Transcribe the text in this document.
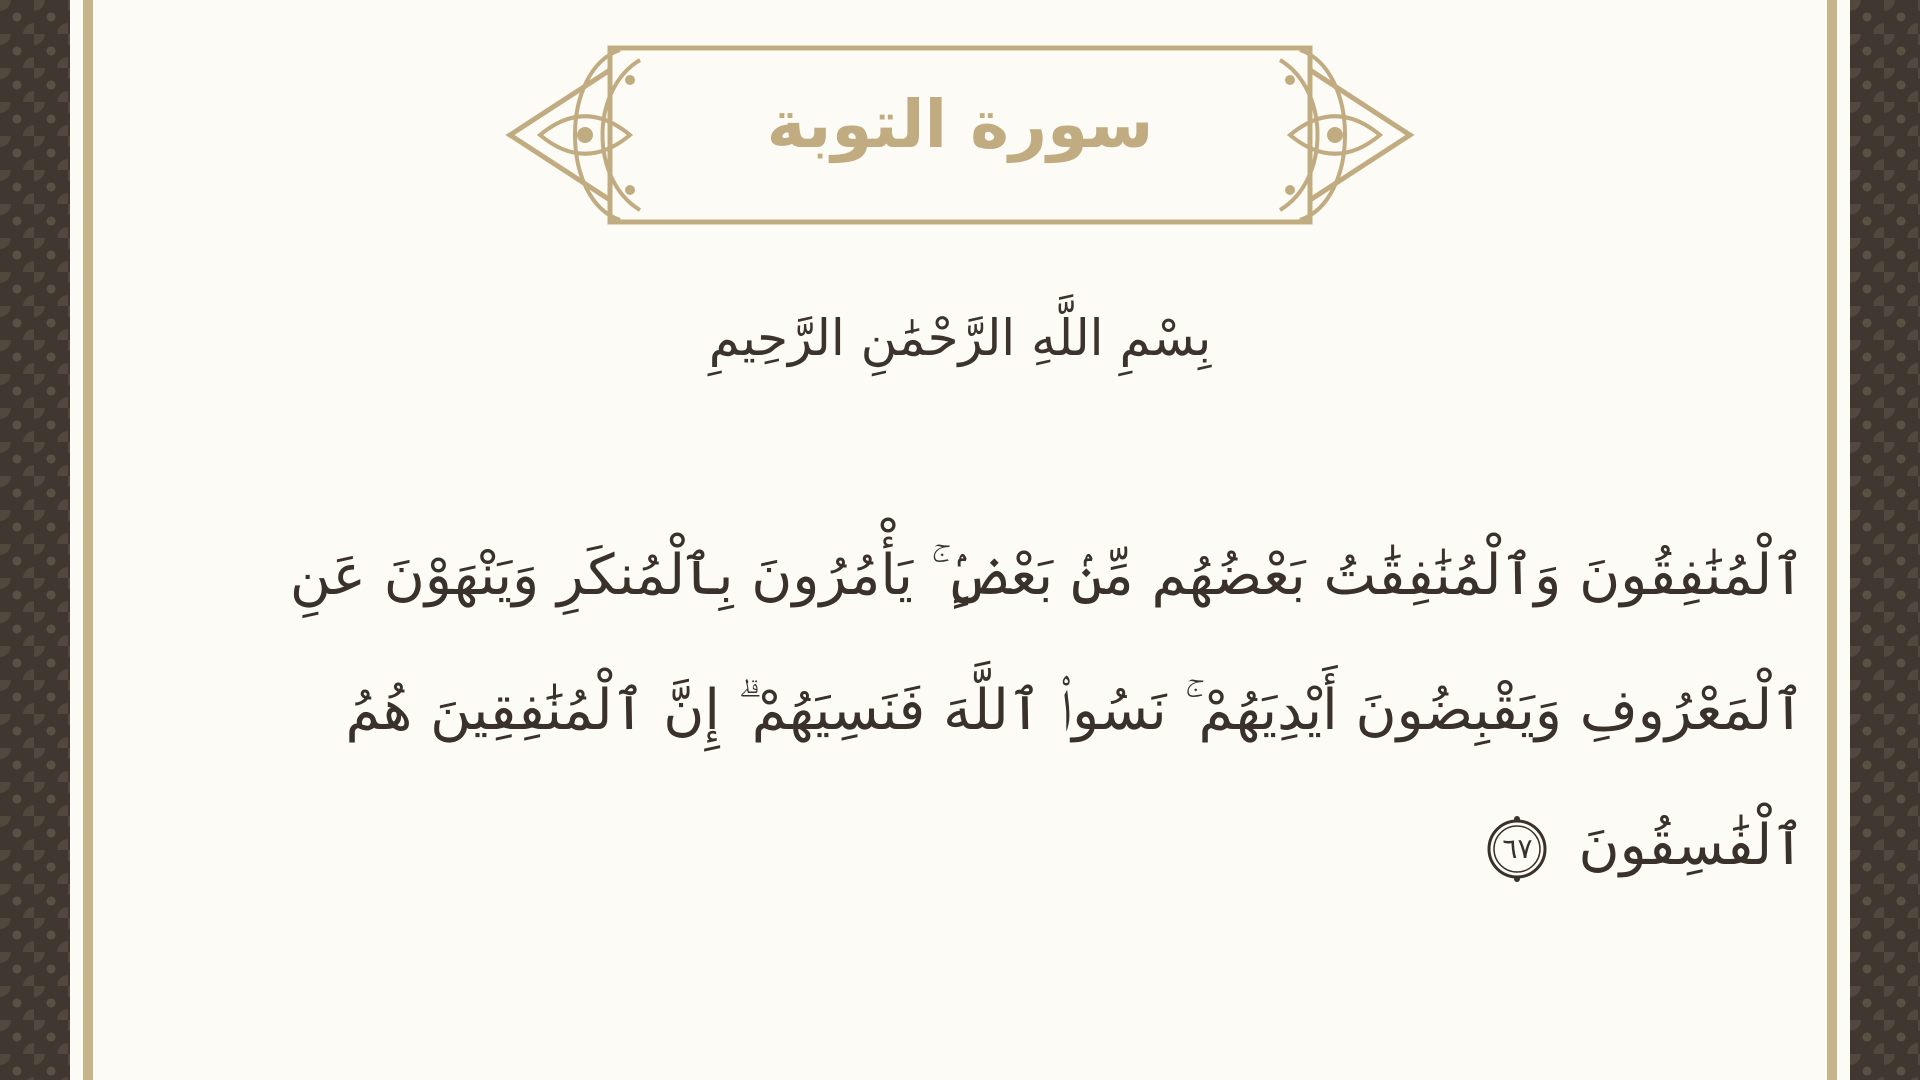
سورة التوبة
بِسْمِ اللَّهِ الرَّحْمَٰنِ الرَّحِيمِ
ٱلْمُنَٰفِقُونَ وَٱلْمُنَٰفِقَٰتُ بَعْضُهُم مِّنۢ بَعْضٍۢ ۚ يَأْمُرُونَ بِٱلْمُنكَرِ وَيَنْهَوْنَ عَنِ
ٱلْمَعْرُوفِ وَيَقْبِضُونَ أَيْدِيَهُمْ ۚ نَسُوا۟ ٱللَّهَ فَنَسِيَهُمْ ۗ إِنَّ ٱلْمُنَٰفِقِينَ هُمُ
ٱلْفَٰسِقُونَ
٦٧
